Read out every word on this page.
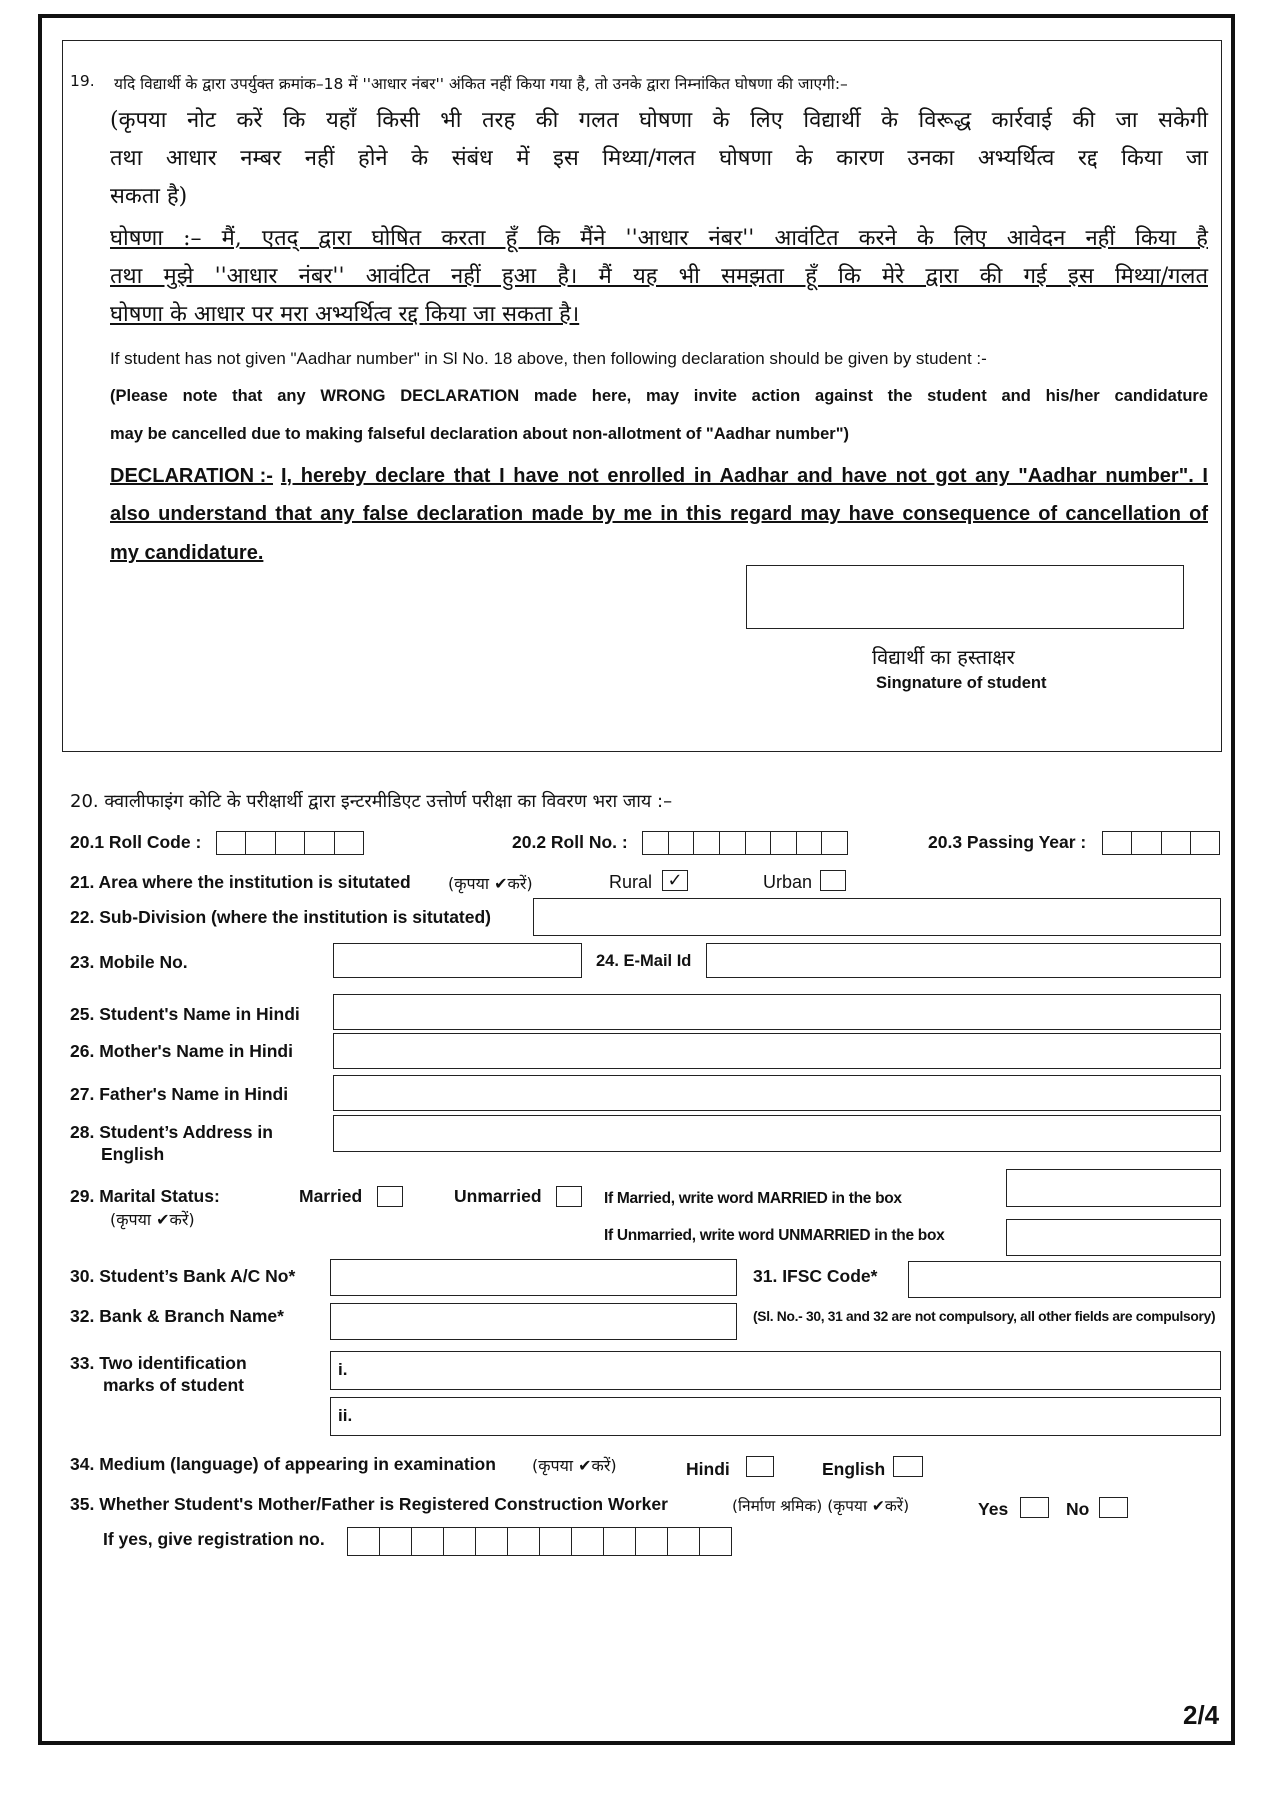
19. यदि विद्यार्थी के द्वारा उपर्युक्त क्रमांक–18 में ''आधार नंबर'' अंकित नहीं किया गया है, तो उनके द्वारा निम्नांकित घोषणा की जाएगी:–
(कृपया नोट करें कि यहाँ किसी भी तरह की गलत घोषणा के लिए विद्यार्थी के विरूद्ध कार्रवाई की जा सकेगी
तथा आधार नम्बर नहीं होने के संबंध में इस मिथ्या/गलत घोषणा के कारण उनका अभ्यर्थित्व रद्द किया जा
सकता है)
घोषणा :– मैं, एतद् द्वारा घोषित करता हूँ कि मैंने ''आधार नंबर'' आवंटित करने के लिए आवेदन नहीं किया है
तथा मुझे ''आधार नंबर'' आवंटित नहीं हुआ है। मैं यह भी समझता हूँ कि मेरे द्वारा की गई इस मिथ्या/गलत
घोषणा के आधार पर मरा अभ्यर्थित्व रद्द किया जा सकता है।
If student has not given "Aadhar number" in Sl No. 18 above, then following declaration should be given by student :-
(Please note that any WRONG DECLARATION made here, may invite action against the student and his/her candidature
may be cancelled due to making falseful declaration about non-allotment of "Aadhar number")
DECLARATION :- I, hereby declare that I have not enrolled in Aadhar and have not got any "Aadhar number". I
also understand that any false declaration made by me in this regard may have consequence of cancellation of
my candidature.
विद्यार्थी का हस्ताक्षर
Singnature of student
20. क्वालीफाइंग कोटि के परीक्षार्थी द्वारा इन्टरमीडिएट उत्तोर्ण परीक्षा का विवरण भरा जाय :–
20.1 Roll Code :	20.2 Roll No. :	20.3 Passing Year :
21. Area where the institution is situtated (कृपया ✔करें)	Rural ✓	Urban
22. Sub-Division (where the institution is situtated)
23. Mobile No.	24. E-Mail Id
25. Student's Name in Hindi
26. Mother's Name in Hindi
27. Father's Name in Hindi
28. Student’s Address in
English
29. Marital Status:
(कृपया ✔करें)
Married	Unmarried	If Married, write word MARRIED in the box
If Unmarried, write word UNMARRIED in the box
30. Student’s Bank A/C No*	31. IFSC Code*
32. Bank & Branch Name*	(Sl. No.- 30, 31 and 32 are not compulsory, all other fields are compulsory)
33. Two identification
marks of student
i.
ii.
34. Medium (language) of appearing in examination (कृपया ✔करें)	Hindi	English
35. Whether Student's Mother/Father is Registered Construction Worker	(निर्माण श्रमिक) (कृपया ✔करें)	Yes	No
If yes, give registration no.
2/4
